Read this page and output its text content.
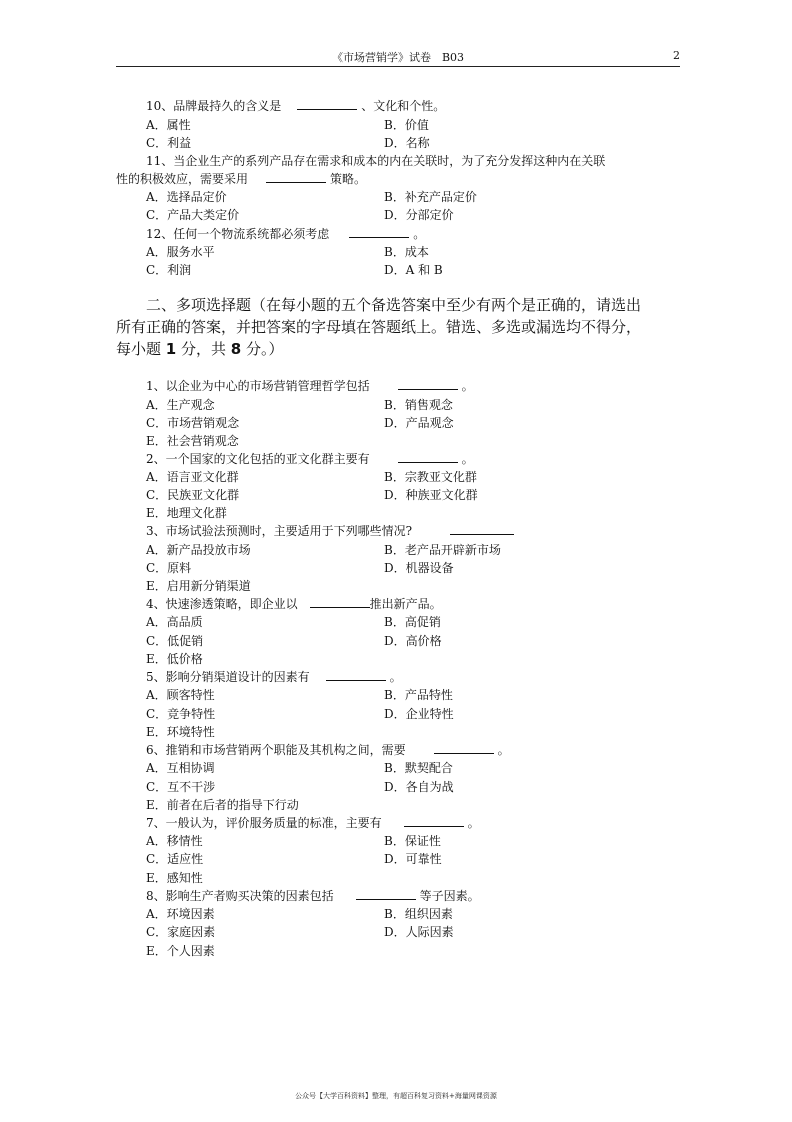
《市场营销学》试卷　B03	2
10、品牌最持久的含义是	、文化和个性。
A．属性	B．价值
C．利益	D．名称
11、当企业生产的系列产品存在需求和成本的内在关联时，为了充分发挥这种内在关联
性的积极效应，需要采用	策略。
A．选择品定价	B．补充产品定价
C．产品大类定价	D．分部定价
12、任何一个物流系统都必须考虑	。
A．服务水平	B．成本
C．利润	D．A 和 B

二、多项选择题（在每小题的五个备选答案中至少有两个是正确的，请选出

所有正确的答案，并把答案的字母填在答题纸上。错选、多选或漏选均不得分，

每小题 1 分，共 8 分。）

1、以企业为中心的市场营销管理哲学包括	。
A．生产观念	B．销售观念
C．市场营销观念	D．产品观念
E．社会营销观念
2、一个国家的文化包括的亚文化群主要有	。
A．语言亚文化群	B．宗教亚文化群
C．民族亚文化群	D．种族亚文化群
E．地理文化群
3、市场试验法预测时，主要适用于下列哪些情况?
A．新产品投放市场	B．老产品开辟新市场
C．原料	D．机器设备
E．启用新分销渠道
4、快速渗透策略，即企业以	推出新产品。
A．高品质	B．高促销
C．低促销	D．高价格
E．低价格
5、影响分销渠道设计的因素有	。
A．顾客特性	B．产品特性
C．竞争特性	D．企业特性
E．环境特性
6、推销和市场营销两个职能及其机构之间，需要	。
A．互相协调	B．默契配合
C．互不干涉	D．各自为战
E．前者在后者的指导下行动
7、一般认为，评价服务质量的标准，主要有	。
A．移情性	B．保证性
C．适应性	D．可靠性
E．感知性
8、影响生产者购买决策的因素包括	等子因素。
A．环境因素	B．组织因素
C．家庭因素	D．人际因素
E．个人因素
公众号【大学百科资料】整理，有超百科复习资料+海量网课资源
